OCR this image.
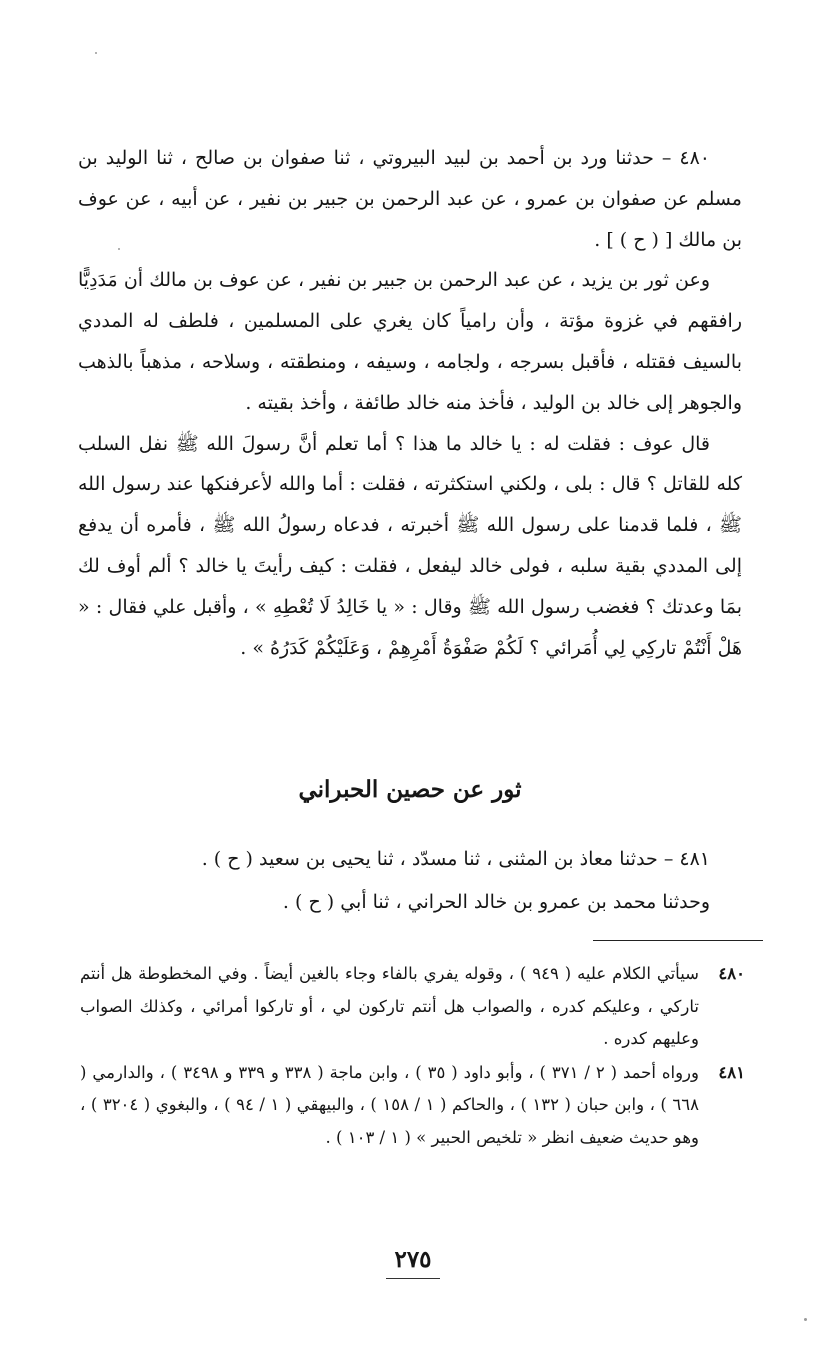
٤٨٠ – حدثنا ورد بن أحمد بن لبيد البيروتي ، ثنا صفوان بن صالح ، ثنا الوليد بن مسلم عن صفوان بن عمرو ، عن عبد الرحمن بن جبير بن نفير ، عن أبيه ، عن عوف بن مالك [ ( ح ) ] .

وعن ثور بن يزيد ، عن عبد الرحمن بن جبير بن نفير ، عن عوف بن مالك أن مَدَدِيًّا رافقهم في غزوة مؤتة ، وأن رامياً كان يغري على المسلمين ، فلطف له المددي بالسيف فقتله ، فأقبل بسرجه ، ولجامه ، وسيفه ، ومنطقته ، وسلاحه ، مذهباً بالذهب والجوهر إلى خالد بن الوليد ، فأخذ منه خالد طائفة ، وأخذ بقيته .

قال عوف : فقلت له : يا خالد ما هذا ؟ أما تعلم أنَّ رسولَ الله ﷺ نفل السلب كله للقاتل ؟ قال : بلى ، ولكني استكثرته ، فقلت : أما والله لأعرفنكها عند رسول الله ﷺ ، فلما قدمنا على رسول الله ﷺ أخبرته ، فدعاه رسولُ الله ﷺ ، فأمره أن يدفع إلى المددي بقية سلبه ، فولى خالد ليفعل ، فقلت : كيف رأيتَ يا خالد ؟ ألم أوف لك بمَا وعدتك ؟ فغضب رسول الله ﷺ وقال : « يا خَالِدُ لَا تُعْطِهِ » ، وأقبل علي فقال : « هَلْ أَنْتُمْ تاركِي لِي أُمَرائي ؟ لَكُمْ صَفْوَةُ أَمْرِهِمْ ، وَعَلَيْكُمْ كَدَرُهُ » .

ثور عن حصين الحبراني

٤٨١ – حدثنا معاذ بن المثنى ، ثنا مسدّد ، ثنا يحيى بن سعيد ( ح ) .

وحدثنا محمد بن عمرو بن خالد الحراني ، ثنا أبي ( ح ) .

٤٨٠
سيأتي الكلام عليه ( ٩٤٩ ) ، وقوله يفري بالفاء وجاء بالغين أيضاً . وفي المخطوطة هل أنتم تاركي ، وعليكم كدره ، والصواب هل أنتم تاركون لي ، أو تاركوا أمرائي ، وكذلك الصواب وعليهم كدره .
٤٨١
ورواه أحمد ( ٢ / ٣٧١ ) ، وأبو داود ( ٣٥ ) ، وابن ماجة ( ٣٣٨ و ٣٣٩ و ٣٤٩٨ ) ، والدارمي ( ٦٦٨ ) ، وابن حبان ( ١٣٢ ) ، والحاكم ( ١ / ١٥٨ ) ، والبيهقي ( ١ / ٩٤ ) ، والبغوي ( ٣٢٠٤ ) ، وهو حديث ضعيف انظر « تلخيص الحبير » ( ١ / ١٠٣ ) .
٢٧٥
